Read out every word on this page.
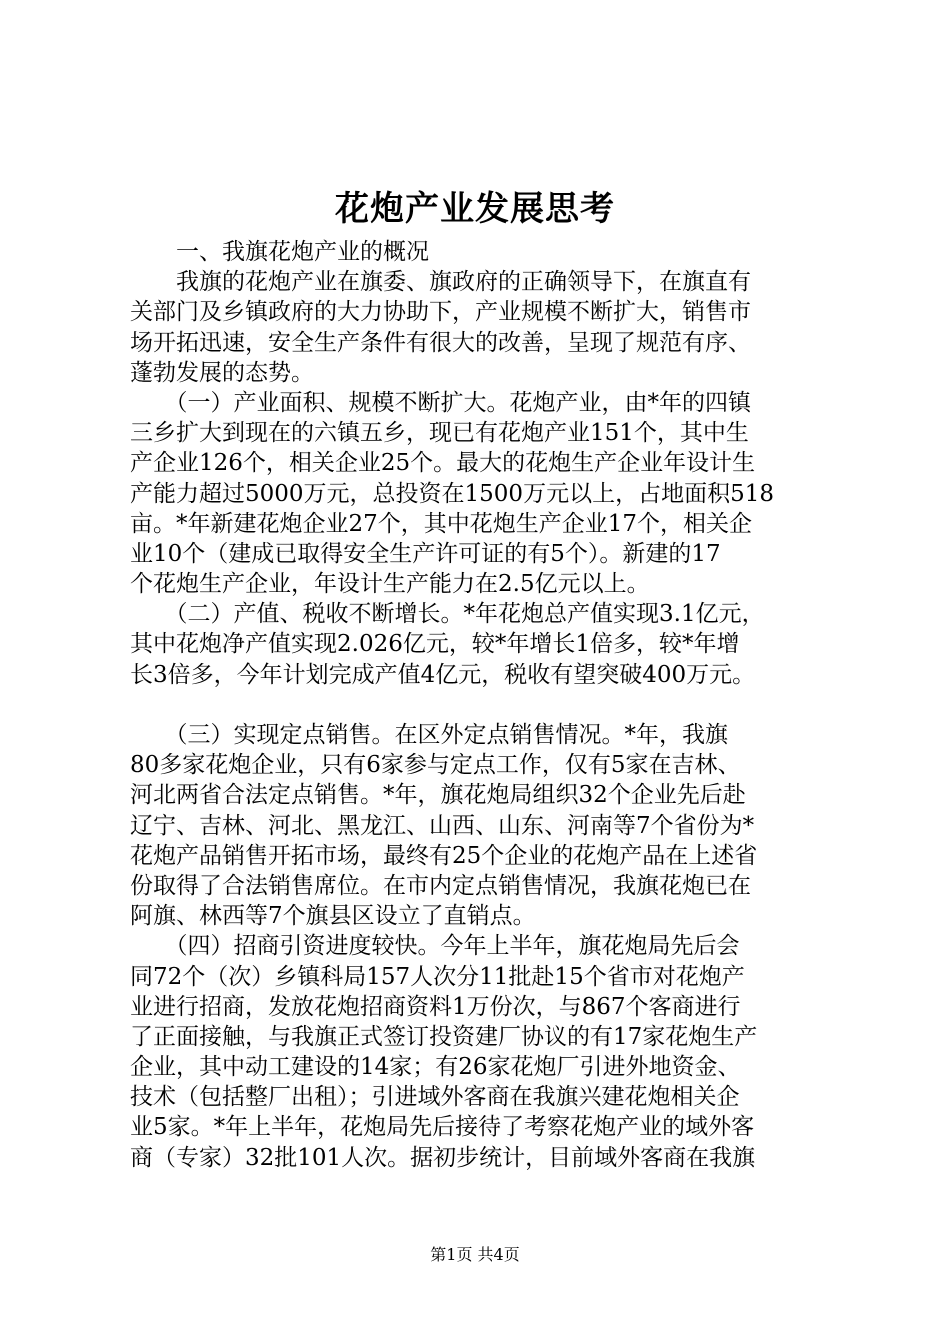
花炮产业发展思考
　　一、我旗花炮产业的概况
　　我旗的花炮产业在旗委、旗政府的正确领导下，在旗直有
关部门及乡镇政府的大力协助下，产业规模不断扩大，销售市
场开拓迅速，安全生产条件有很大的改善，呈现了规范有序、
蓬勃发展的态势。
　　（一）产业面积、规模不断扩大。花炮产业，由*年的四镇
三乡扩大到现在的六镇五乡，现已有花炮产业151个，其中生
产企业126个，相关企业25个。最大的花炮生产企业年设计生
产能力超过5000万元，总投资在1500万元以上，占地面积518
亩。*年新建花炮企业27个，其中花炮生产企业17个，相关企
业10个（建成已取得安全生产许可证的有5个）。新建的17
个花炮生产企业，年设计生产能力在2.5亿元以上。
　　（二）产值、税收不断增长。*年花炮总产值实现3.1亿元，
其中花炮净产值实现2.026亿元，较*年增长1倍多，较*年增
长3倍多，今年计划完成产值4亿元，税收有望突破400万元。
　　（三）实现定点销售。在区外定点销售情况。*年，我旗
80多家花炮企业，只有6家参与定点工作，仅有5家在吉林、
河北两省合法定点销售。*年，旗花炮局组织32个企业先后赴
辽宁、吉林、河北、黑龙江、山西、山东、河南等7个省份为*
花炮产品销售开拓市场，最终有25个企业的花炮产品在上述省
份取得了合法销售席位。在市内定点销售情况，我旗花炮已在
阿旗、林西等7个旗县区设立了直销点。
　　（四）招商引资进度较快。今年上半年，旗花炮局先后会
同72个（次）乡镇科局157人次分11批赴15个省市对花炮产
业进行招商，发放花炮招商资料1万份次，与867个客商进行
了正面接触，与我旗正式签订投资建厂协议的有17家花炮生产
企业，其中动工建设的14家；有26家花炮厂引进外地资金、
技术（包括整厂出租）；引进域外客商在我旗兴建花炮相关企
业5家。*年上半年，花炮局先后接待了考察花炮产业的域外客
商（专家）32批101人次。据初步统计，目前域外客商在我旗
第1页 共4页
